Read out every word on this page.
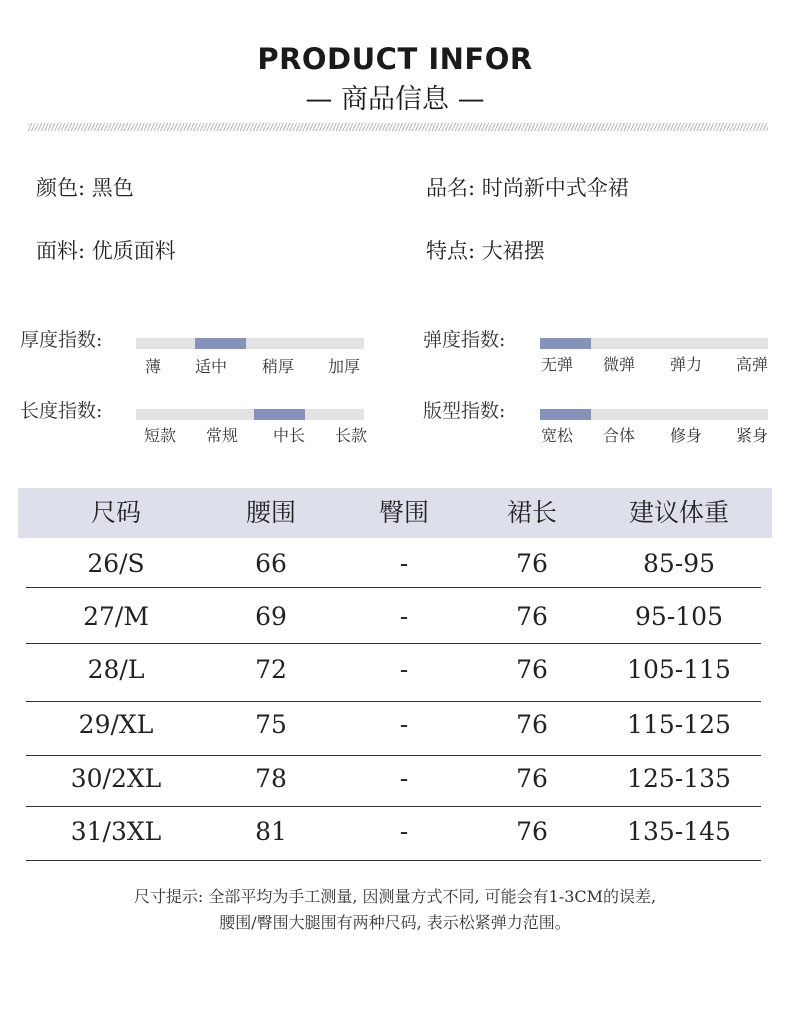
PRODUCT INFOR
— 商品信息 —
颜色: 黑色	品名: 时尚新中式伞裙
面料: 优质面料	特点: 大裙摆
厚度指数:
薄 适中 稍厚 加厚
弹度指数:
无弹 微弹 弹力 高弹
长度指数:
短款 常规 中长 长款
版型指数:
宽松 合体 修身 紧身
尺码	腰围	臀围	裙长	建议体重
26/S	66	-	76	85-95
27/M	69	-	76	95-105
28/L	72	-	76	105-115
29/XL	75	-	76	115-125
30/2XL	78	-	76	125-135
31/3XL	81	-	76	135-145
尺寸提示: 全部平均为手工测量, 因测量方式不同, 可能会有1-3CM的误差,
腰围/臀围大腿围有两种尺码, 表示松紧弹力范围。
